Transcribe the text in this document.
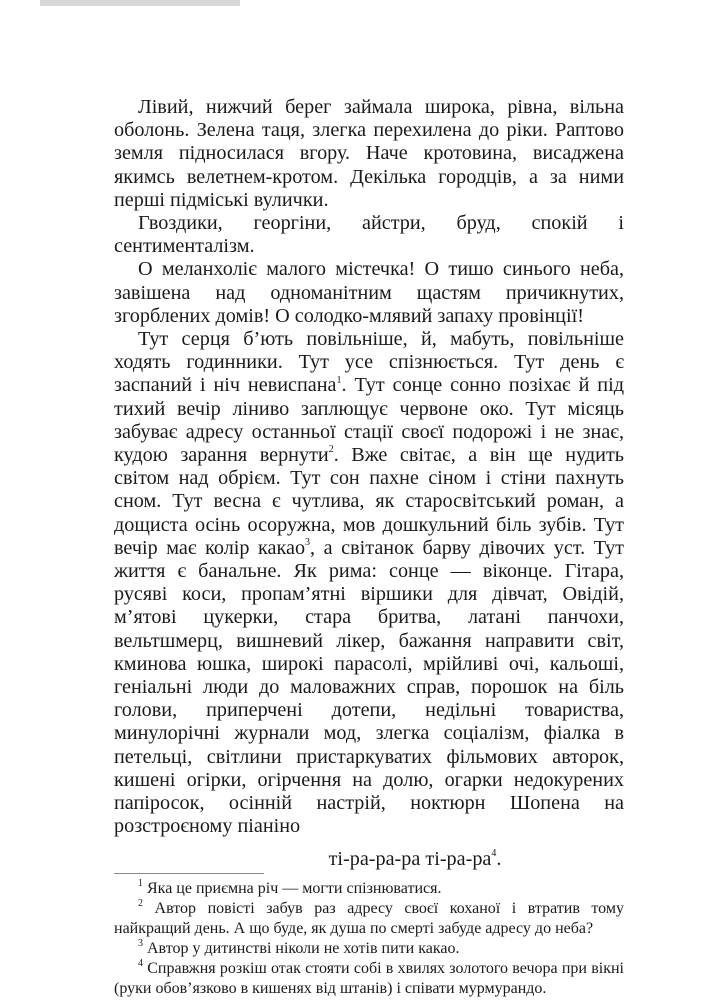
Лівий, нижчий берег займала широка, рівна, вільна оболонь. Зелена таця, злегка перехилена до ріки. Раптово земля підносилася вгору. Наче кротовина, висаджена якимсь велетнем-кротом. Декілька городців, а за ними перші підміські вулички.

Гвоздики, георгіни, айстри, бруд, спокій і сентименталізм.

О меланхоліє малого містечка! О тишо синього неба, завішена над одноманітним щастям причикнутих, згорблених домів! О солодко-млявий запаху провінції!

Тут серця б’ють повільніше, й, мабуть, повільніше ходять годинники. Тут усе спізнюється. Тут день є заспаний і ніч невиспана$^1$. Тут сонце сонно позіхає й під тихий вечір ліниво заплющує червоне око. Тут місяць забуває адресу останньої стації своєї подорожі і не знає, кудою зарання вернути$^2$. Вже світає, а він ще нудить світом над обрієм. Тут сон пахне сіном і стіни пахнуть сном. Тут весна є чутлива, як старосвітський роман, а дощиста осінь осоружна, мов дошкульний біль зубів. Тут вечір має колір какао$^3$, а світанок барву дівочих уст. Тут життя є банальне. Як рима: сонце — віконце. Гітара, русяві коси, пропам’ятні віршики для дівчат, Овідій, м’ятові цукерки, стара бритва, латані панчохи, вельтшмерц, вишневий лікер, бажання направити світ, кминова юшка, широкі парасолі, мрійливі очі, кальоші, геніальні люди до маловажних справ, порошок на біль голови, приперчені дотепи, недільні товариства, минулорічні журнали мод, злегка соціалізм, фіалка в петельці, світлини пристаркуватих фільмових авторок, кишені огірки, огірчення на долю, огарки недокурених папіросок, осінній настрій, ноктюрн Шопена на розстроєному піаніно

ті-ра-ра-ра $ті-ра-ра^4$.

$^1$ Яка це приємна річ — могти спізнюватися.

$^2$ Автор повісті забув раз адресу своєї коханої і втратив тому найкращий день. А що буде, як душа по смерті забуде адресу до неба?

$^3$ Автор у дитинстві ніколи не хотів пити какао.

$^4$ Справжня розкіш отак стояти собі в хвилях золотого вечора при вікні (руки обов’язково в кишенях від штанів) і співати мурмурандо.
